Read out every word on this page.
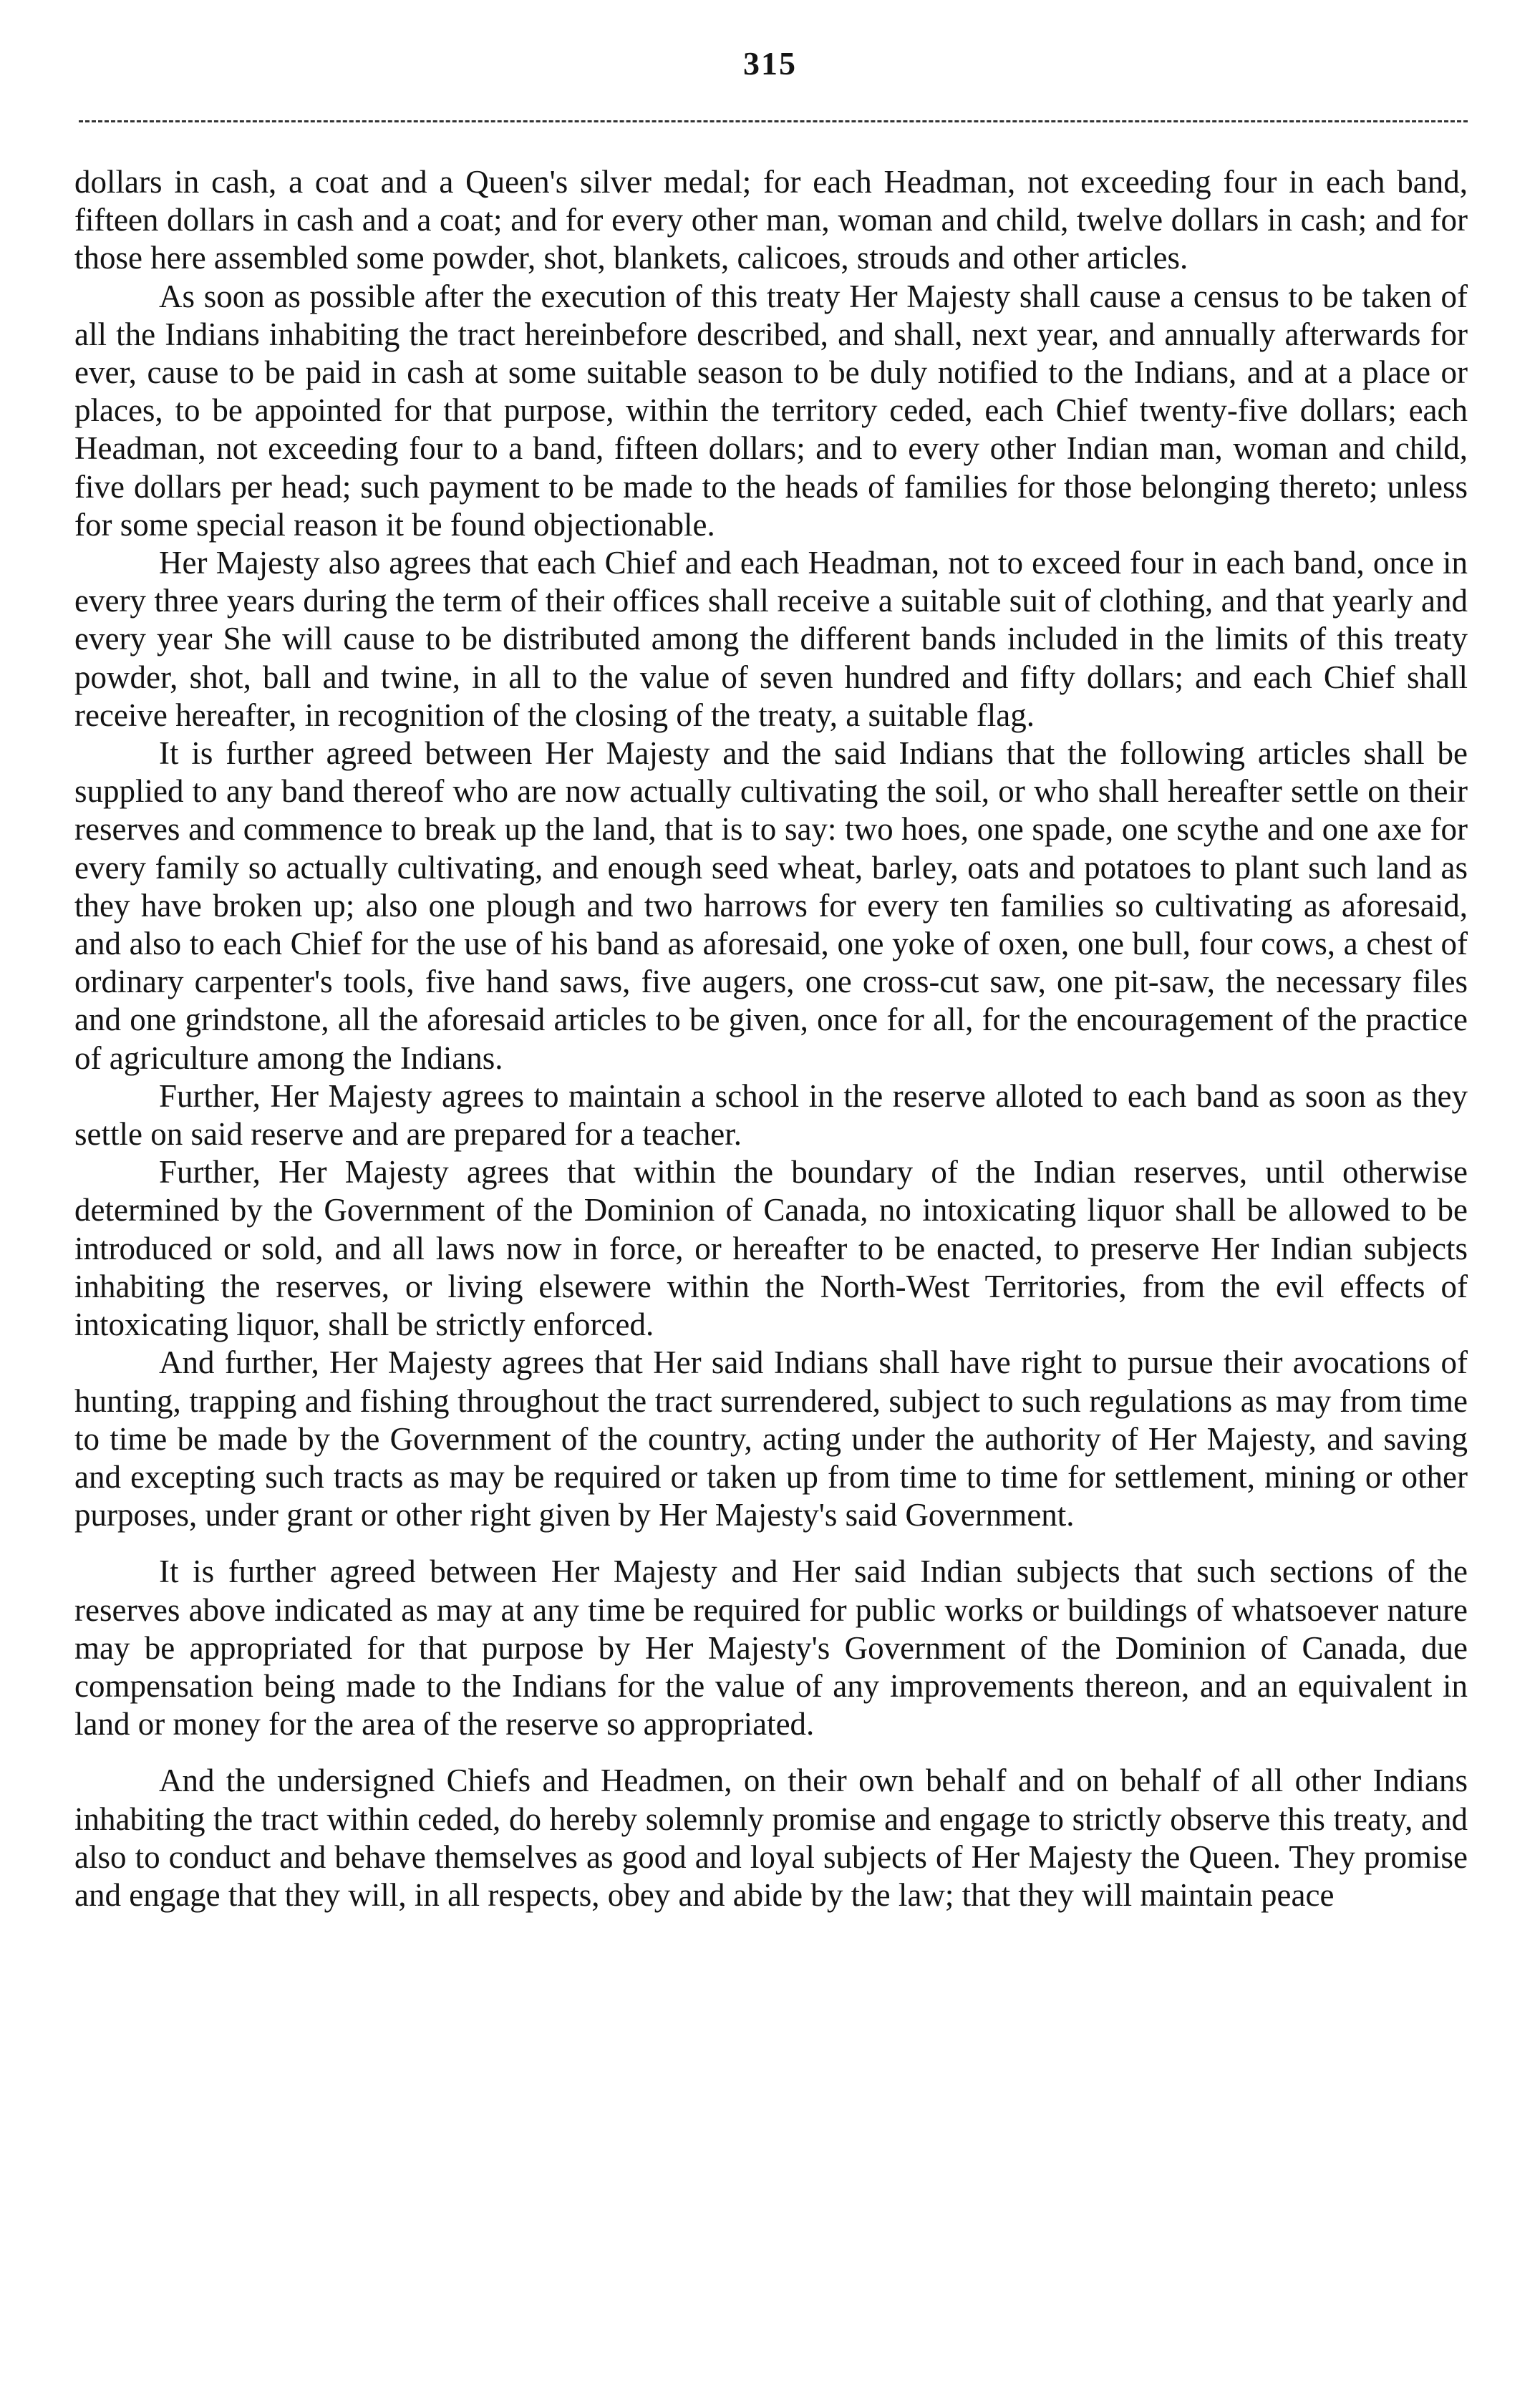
315

dollars in cash, a coat and a Queen's silver medal; for each Headman, not exceeding four in each band, fifteen dollars in cash and a coat; and for every other man, woman and child, twelve dollars in cash; and for those here assembled some powder, shot, blankets, calicoes, strouds and other articles.

As soon as possible after the execution of this treaty Her Majesty shall cause a census to be taken of all the Indians inhabiting the tract hereinbefore described, and shall, next year, and annually afterwards for ever, cause to be paid in cash at some suitable season to be duly notified to the Indians, and at a place or places, to be appointed for that purpose, within the territory ceded, each Chief twenty-five dollars; each Headman, not exceeding four to a band, fifteen dollars; and to every other Indian man, woman and child, five dollars per head; such payment to be made to the heads of families for those belonging thereto; unless for some special reason it be found objectionable.

Her Majesty also agrees that each Chief and each Headman, not to exceed four in each band, once in every three years during the term of their offices shall receive a suitable suit of clothing, and that yearly and every year She will cause to be distributed among the different bands included in the limits of this treaty powder, shot, ball and twine, in all to the value of seven hundred and fifty dollars; and each Chief shall receive hereafter, in recognition of the closing of the treaty, a suitable flag.

It is further agreed between Her Majesty and the said Indians that the following articles shall be supplied to any band thereof who are now actually cultivating the soil, or who shall hereafter settle on their reserves and commence to break up the land, that is to say: two hoes, one spade, one scythe and one axe for every family so actually cultivating, and enough seed wheat, barley, oats and potatoes to plant such land as they have broken up; also one plough and two harrows for every ten families so cultivating as aforesaid, and also to each Chief for the use of his band as aforesaid, one yoke of oxen, one bull, four cows, a chest of ordinary carpenter's tools, five hand saws, five augers, one cross-cut saw, one pit-saw, the necessary files and one grindstone, all the aforesaid articles to be given, once for all, for the encouragement of the practice of agriculture among the Indians.

Further, Her Majesty agrees to maintain a school in the reserve alloted to each band as soon as they settle on said reserve and are prepared for a teacher.

Further, Her Majesty agrees that within the boundary of the Indian reserves, until otherwise determined by the Government of the Dominion of Canada, no intoxicating liquor shall be allowed to be introduced or sold, and all laws now in force, or hereafter to be enacted, to preserve Her Indian subjects inhabiting the reserves, or living elsewere within the North-West Territories, from the evil effects of intoxicating liquor, shall be strictly enforced.

And further, Her Majesty agrees that Her said Indians shall have right to pursue their avocations of hunting, trapping and fishing throughout the tract surrendered, subject to such regulations as may from time to time be made by the Government of the country, acting under the authority of Her Majesty, and saving and excepting such tracts as may be required or taken up from time to time for settlement, mining or other purposes, under grant or other right given by Her Majesty's said Government.

It is further agreed between Her Majesty and Her said Indian subjects that such sections of the reserves above indicated as may at any time be required for public works or buildings of whatsoever nature may be appropriated for that purpose by Her Majesty's Government of the Dominion of Canada, due compensation being made to the Indians for the value of any improvements thereon, and an equivalent in land or money for the area of the reserve so appropriated.

And the undersigned Chiefs and Headmen, on their own behalf and on behalf of all other Indians inhabiting the tract within ceded, do hereby solemnly promise and engage to strictly observe this treaty, and also to conduct and behave themselves as good and loyal subjects of Her Majesty the Queen. They promise and engage that they will, in all respects, obey and abide by the law; that they will maintain peace
